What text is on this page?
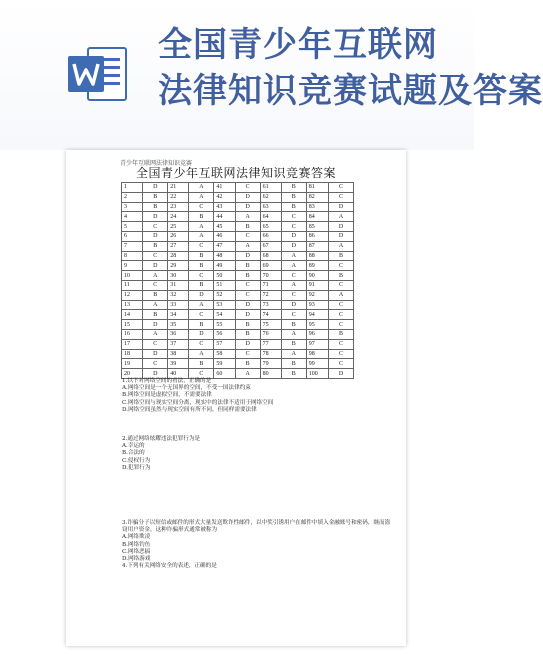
全国青少年互联网
法律知识竞赛试题及答案
青少年互联网法律知识竞赛
全国青少年互联网法律知识竞赛答案
1	D	21	A	41	C	61	B	81	C
2	B	22	A	42	D	62	B	82	C
3	B	23	C	43	D	63	B	83	D
4	D	24	B	44	A	64	C	84	A
5	C	25	A	45	B	65	C	85	D
6	D	26	A	46	C	66	D	86	D
7	B	27	C	47	A	67	D	87	A
8	C	28	B	48	D	68	A	88	B
9	D	29	B	49	B	69	A	89	C
10	A	30	C	50	B	70	C	90	B
11	C	31	B	51	C	71	A	91	C
12	B	32	D	52	C	72	C	92	A
13	A	33	A	53	D	73	D	93	C
14	B	34	C	54	D	74	C	94	C
15	D	35	B	55	B	75	B	95	C
16	A	36	D	56	B	76	A	96	B
17	C	37	C	57	D	77	B	97	C
18	D	38	A	58	C	78	A	98	C
19	C	39	B	59	B	79	B	99	C
20	D	40	C	60	A	80	B	100	D

1.以下对网络空间的看法，正确的是

A.网络空间是一个无国界的空间，不受一国法律约束

B.网络空间是虚拟空间，不需要法律

C.网络空间与现实空间分离，现实中的法律不适用于网络空间

D.网络空间虽然与现实空间有所不同，但同样需要法律

2.通过网络炫耀违法犯罪行为是

A.幸运的

B.合法的

C.侵权行为

D.犯罪行为

3.诈骗分子以短信或邮件的形式大量发送欺诈性邮件，以中奖引诱用户在邮件中填入金融账号和密码，继而盗窃用户资金，这种诈骗形式通常被称为

A.网络欺凌

B.网络钓鱼

C.网络恶搞

D.网络游戏

4.下列有关网络安全的表述，正确的是
